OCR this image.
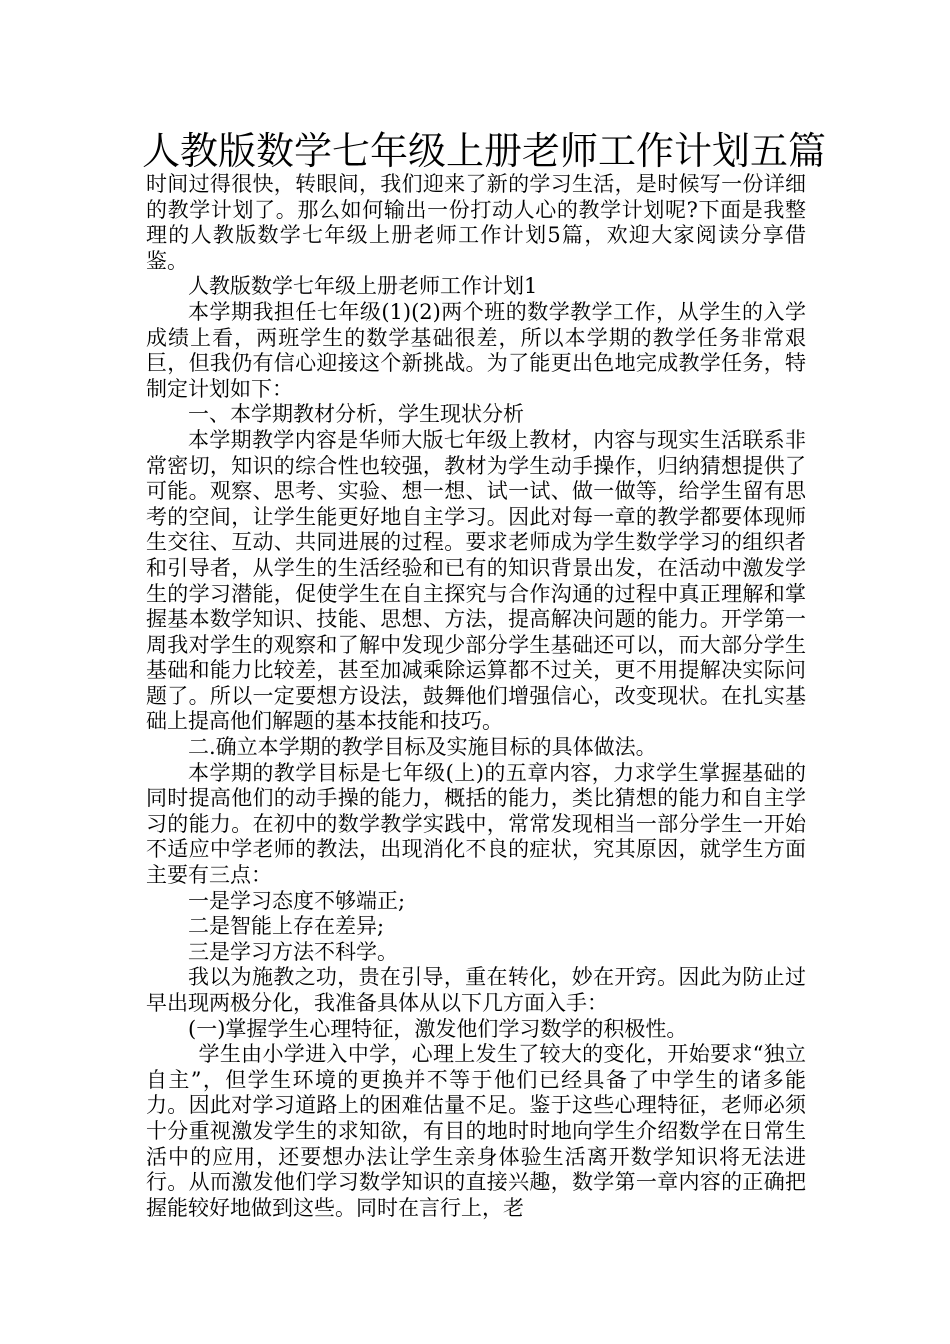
人教版数学七年级上册老师工作计划五篇

时间过得很快，转眼间，我们迎来了新的学习生活，是时候写一份详细的教学计划了。那么如何输出一份打动人心的教学计划呢?下面是我整理的人教版数学七年级上册老师工作计划5篇，欢迎大家阅读分享借鉴。

人教版数学七年级上册老师工作计划1

本学期我担任七年级(1)(2)两个班的数学教学工作，从学生的入学成绩上看，两班学生的数学基础很差，所以本学期的教学任务非常艰巨，但我仍有信心迎接这个新挑战。为了能更出色地完成教学任务，特制定计划如下：

一、本学期教材分析，学生现状分析

本学期教学内容是华师大版七年级上教材，内容与现实生活联系非常密切，知识的综合性也较强，教材为学生动手操作，归纳猜想提供了可能。观察、思考、实验、想一想、试一试、做一做等，给学生留有思考的空间，让学生能更好地自主学习。因此对每一章的教学都要体现师生交往、互动、共同进展的过程。要求老师成为学生数学学习的组织者和引导者，从学生的生活经验和已有的知识背景出发，在活动中激发学生的学习潜能，促使学生在自主探究与合作沟通的过程中真正理解和掌握基本数学知识、技能、思想、方法，提高解决问题的能力。开学第一周我对学生的观察和了解中发现少部分学生基础还可以，而大部分学生基础和能力比较差，甚至加减乘除运算都不过关，更不用提解决实际问题了。所以一定要想方设法，鼓舞他们增强信心，改变现状。在扎实基础上提高他们解题的基本技能和技巧。

二.确立本学期的教学目标及实施目标的具体做法。

本学期的教学目标是七年级(上)的五章内容，力求学生掌握基础的同时提高他们的动手操的能力，概括的能力，类比猜想的能力和自主学习的能力。在初中的数学教学实践中，常常发现相当一部分学生一开始不适应中学老师的教法，出现消化不良的症状，究其原因，就学生方面主要有三点：

一是学习态度不够端正;

二是智能上存在差异;

三是学习方法不科学。

我以为施教之功，贵在引导，重在转化，妙在开窍。因此为防止过早出现两极分化，我准备具体从以下几方面入手：

(一)掌握学生心理特征，激发他们学习数学的积极性。

学生由小学进入中学，心理上发生了较大的变化，开始要求“独立自主”，但学生环境的更换并不等于他们已经具备了中学生的诸多能力。因此对学习道路上的困难估量不足。鉴于这些心理特征，老师必须十分重视激发学生的求知欲，有目的地时时地向学生介绍数学在日常生活中的应用，还要想办法让学生亲身体验生活离开数学知识将无法进行。从而激发他们学习数学知识的直接兴趣，数学第一章内容的正确把握能较好地做到这些。同时在言行上，老
